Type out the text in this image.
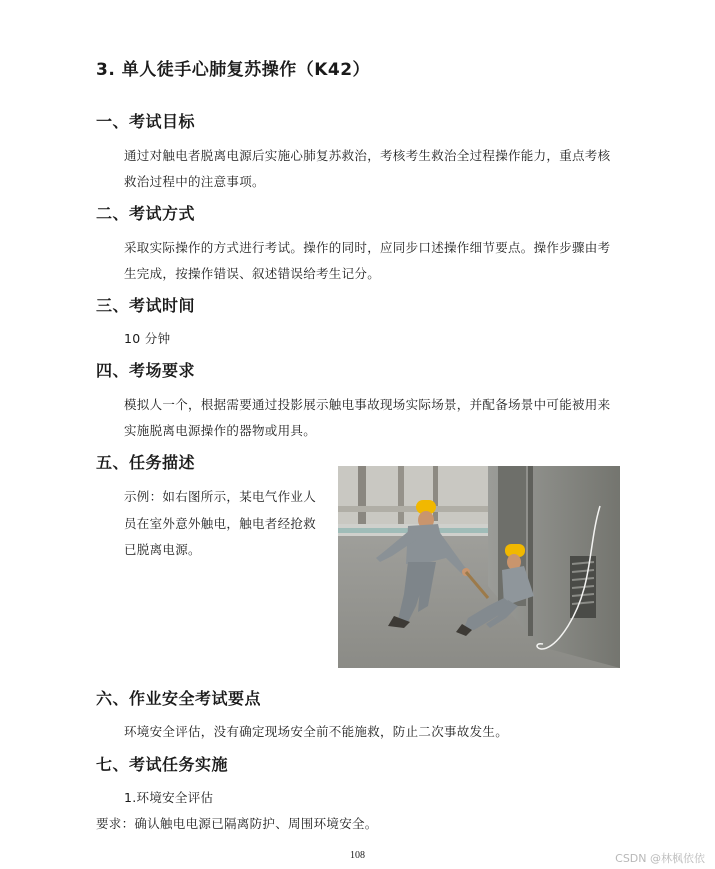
3. 单人徒手心肺复苏操作（K42）
一、考试目标
通过对触电者脱离电源后实施心肺复苏救治，考核考生救治全过程操作能力，重点考核救治过程中的注意事项。
二、考试方式
采取实际操作的方式进行考试。操作的同时，应同步口述操作细节要点。操作步骤由考生完成，按操作错误、叙述错误给考生记分。
三、考试时间
10 分钟
四、考场要求
模拟人一个，根据需要通过投影展示触电事故现场实际场景，并配备场景中可能被用来实施脱离电源操作的器物或用具。
五、任务描述
示例：如右图所示，某电气作业人员在室外意外触电，触电者经抢救已脱离电源。
六、作业安全考试要点
环境安全评估，没有确定现场安全前不能施救，防止二次事故发生。
七、考试任务实施
1.环境安全评估
要求：确认触电电源已隔离防护、周围环境安全。
108	CSDN @林枫依依
